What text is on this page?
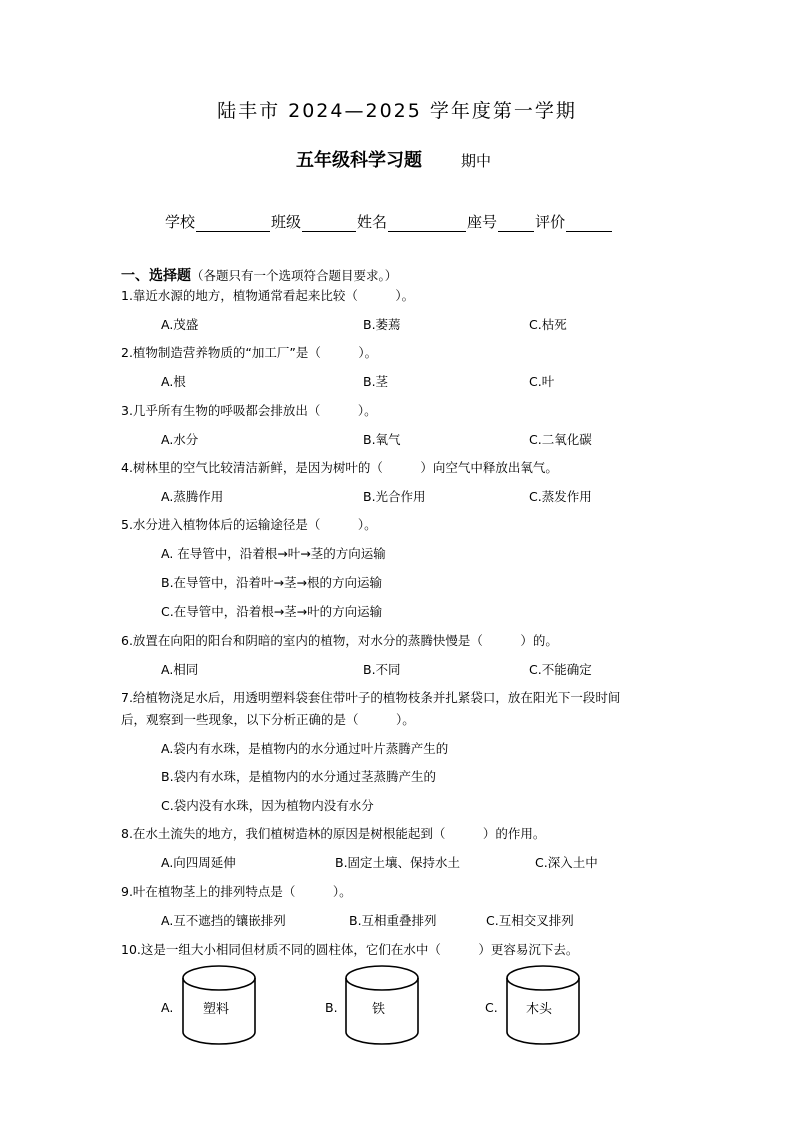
陆丰市 2024—2025 学年度第一学期
五年级科学习题	期中
学校	班级	姓名	座号	评价
一、选择题（各题只有一个选项符合题目要求。）
1.靠近水源的地方，植物通常看起来比较（　　　）。
A.茂盛	B.萎蔫	C.枯死
2.植物制造营养物质的“加工厂”是（　　　）。
A.根	B.茎	C.叶
3.几乎所有生物的呼吸都会排放出（　　　）。
A.水分	B.氧气	C.二氧化碳
4.树林里的空气比较清洁新鲜，是因为树叶的（　　　）向空气中释放出氧气。
A.蒸腾作用	B.光合作用	C.蒸发作用
5.水分进入植物体后的运输途径是（　　　）。
A. 在导管中，沿着根→叶→茎的方向运输
B.在导管中，沿着叶→茎→根的方向运输
C.在导管中，沿着根→茎→叶的方向运输
6.放置在向阳的阳台和阴暗的室内的植物，对水分的蒸腾快慢是（　　　）的。
A.相同	B.不同	C.不能确定
7.给植物浇足水后，用透明塑料袋套住带叶子的植物枝条并扎紧袋口，放在阳光下一段时间
后，观察到一些现象，以下分析正确的是（　　　）。
A.袋内有水珠，是植物内的水分通过叶片蒸腾产生的
B.袋内有水珠，是植物内的水分通过茎蒸腾产生的
C.袋内没有水珠，因为植物内没有水分
8.在水土流失的地方，我们植树造林的原因是树根能起到（　　　）的作用。
A.向四周延伸	B.固定土壤、保持水土	C.深入土中
9.叶在植物茎上的排列特点是（　　　）。
A.互不遮挡的镶嵌排列	B.互相重叠排列	C.互相交叉排列
10.这是一组大小相同但材质不同的圆柱体，它们在水中（　　　）更容易沉下去。
A.	B.	C.
塑料	铁	木头
